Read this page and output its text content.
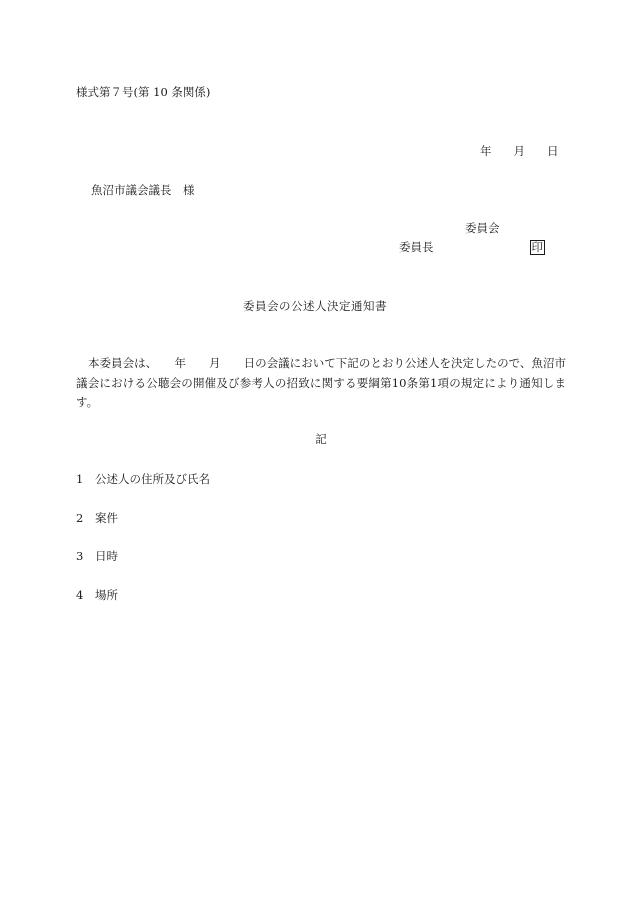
様式第７号(第 10 条関係)
年 月 日
魚沼市議会議長　様
委員会
委員長	印
委員会の公述人決定通知書
本委員会は、　　年　　月　　日の会議において下記のとおり公述人を決定したので、魚沼市議会における公聴会の開催及び参考人の招致に関する要綱第10条第1項の規定により通知します。
記
1 公述人の住所及び氏名
2 案件
3 日時
4 場所
